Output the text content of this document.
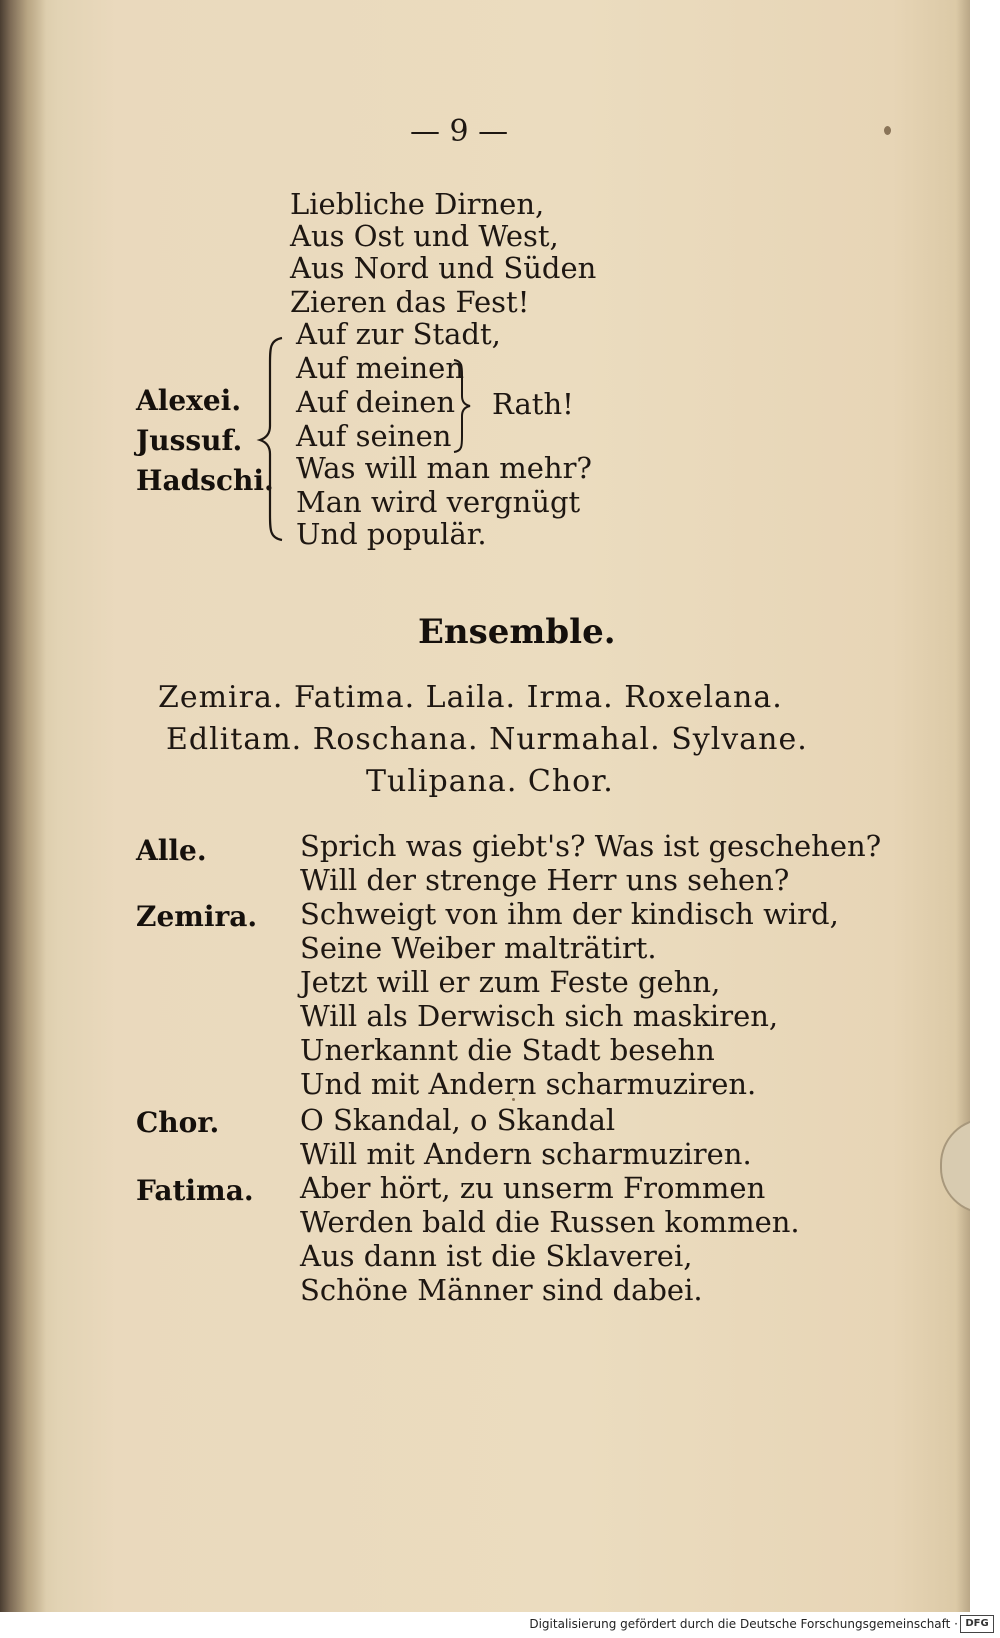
— 9 —
Liebliche Dirnen,
Aus Ost und West,
Aus Nord und Süden
Zieren das Fest!
Alexei.
Jussuf.
Hadschi.
Auf zur Stadt,
Auf meinen
Auf deinen
Auf seinen
Was will man mehr?
Man wird vergnügt
Und populär.
Rath!
Ensemble.
Zemira. Fatima. Laila. Irma. Roxelana.
Edlitam. Roschana. Nurmahal. Sylvane.
Tulipana. Chor.
Alle.	Sprich was giebt's? Was ist geschehen?
Will der strenge Herr uns sehen?
Zemira. Schweigt von ihm der kindisch wird,
Seine Weiber malträtirt.
Jetzt will er zum Feste gehn,
Will als Derwisch sich maskiren,
Unerkannt die Stadt besehn
Und mit Andern scharmuziren.
Chor.	O Skandal, o Skandal
Will mit Andern scharmuziren.
Fatima. Aber hört, zu unserm Frommen
Werden bald die Russen kommen.
Aus dann ist die Sklaverei,
Schöne Männer sind dabei.
Digitalisierung gefördert durch die Deutsche Forschungsgemeinschaft · DFG
